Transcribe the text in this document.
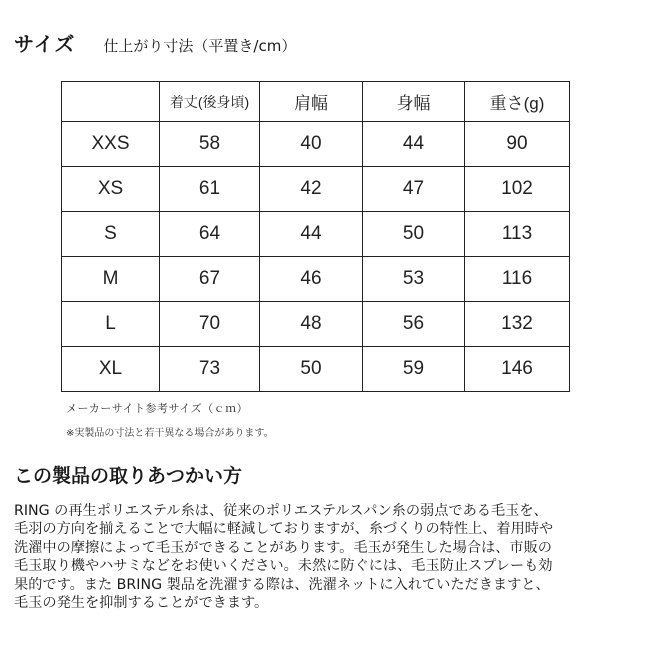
サイズ 仕上がり寸法（平置き/cm）
	着丈(後身頃)	肩幅	身幅	重さ(g)
XXS	58	40	44	90
XS	61	42	47	102
S	64	44	50	113
M	67	46	53	116
L	70	48	56	132
XL	73	50	59	146
メーカーサイト参考サイズ（ｃｍ）
※実製品の寸法と若干異なる場合があります。
この製品の取りあつかい方

RING の再生ポリエステル糸は、従来のポリエステルスパン糸の弱点である毛玉を、

毛羽の方向を揃えることで大幅に軽減しておりますが、糸づくりの特性上、着用時や

洗濯中の摩擦によって毛玉ができることがあります。毛玉が発生した場合は、市販の

毛玉取り機やハサミなどをお使いください。未然に防ぐには、毛玉防止スプレーも効

果的です。また BRING 製品を洗濯する際は、洗濯ネットに入れていただきますと、

毛玉の発生を抑制することができます。
